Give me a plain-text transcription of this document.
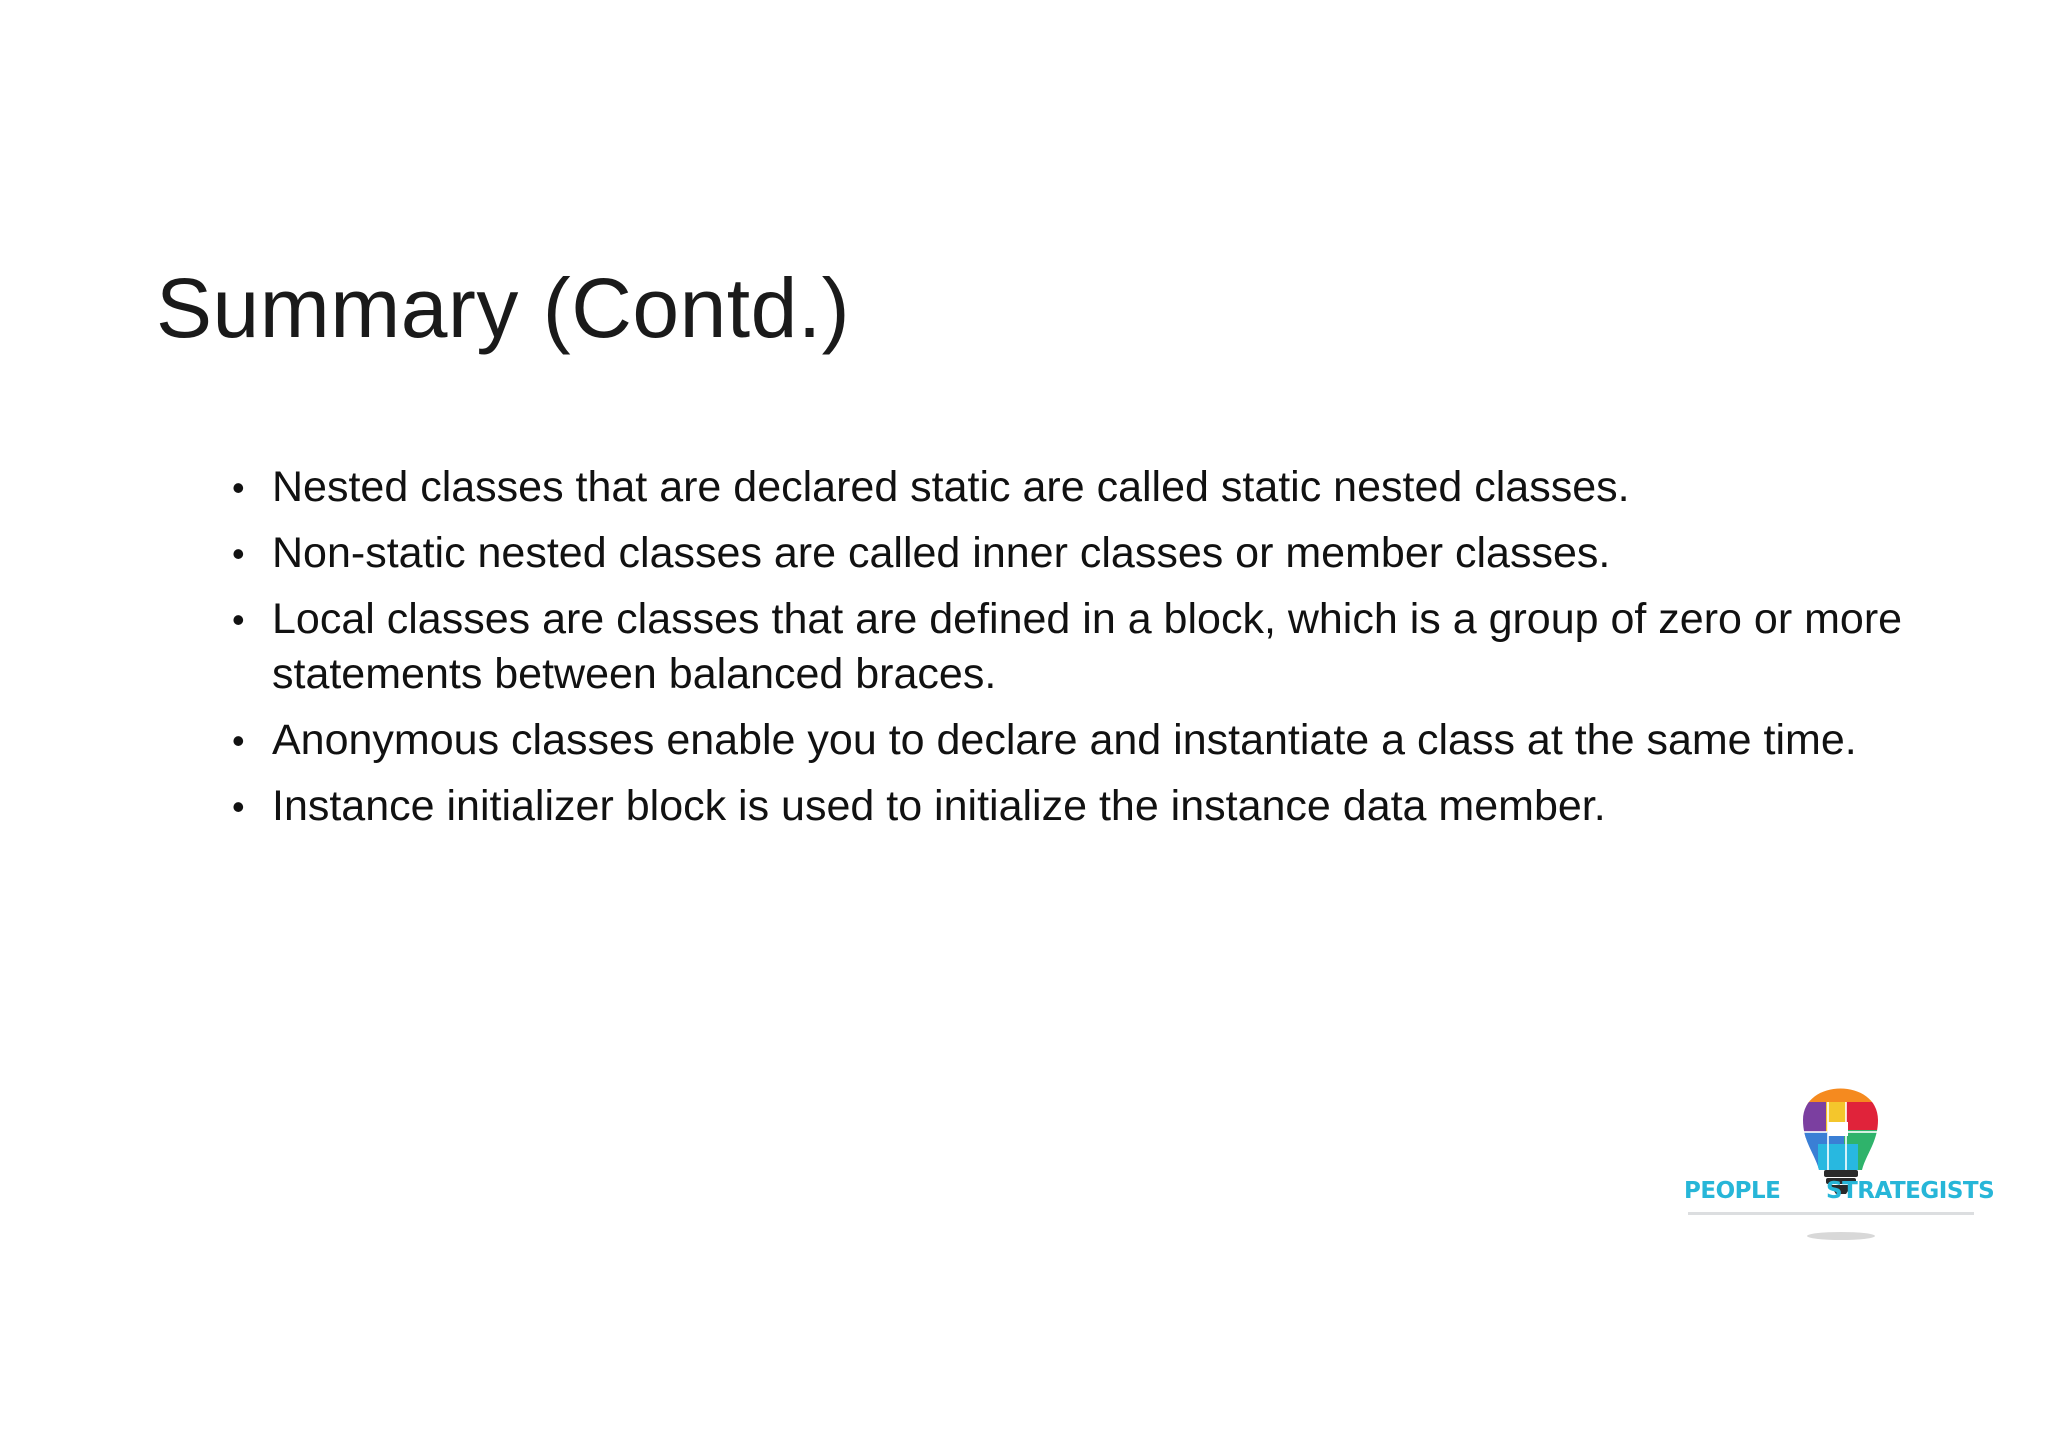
Summary (Contd.)
• Nested classes that are declared static are called static nested classes.
• Non-static nested classes are called inner classes or member classes.
• Local classes are classes that are defined in a block, which is a group of zero or more statements between balanced braces.
• Anonymous classes enable you to declare and instantiate a class at the same time.
• Instance initializer block is used to initialize the instance data member.
PEOPLE STRATEGISTS
